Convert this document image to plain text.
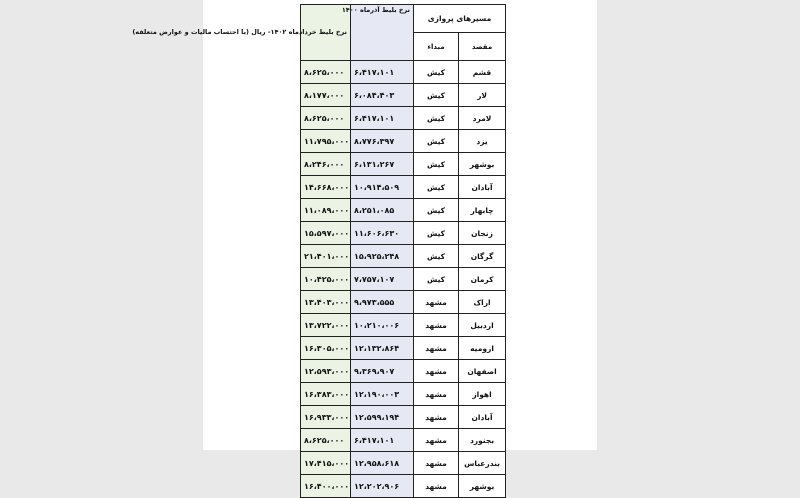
مسیرهای پروازی		نرخ بلیط آذرماه ۱۴۰۰	نرخ بلیط خردادماه ۱۴۰۲- ریال (با احتساب مالیات و عوارض متعلقه)
مقصد	مبداء		
قشم	کیش	۶،۴۱۷،۱۰۱	۸،۶۲۵،۰۰۰
لار	کیش	۶،۰۸۴،۴۰۳	۸،۱۷۷،۰۰۰
لامرد	کیش	۶،۴۱۷،۱۰۱	۸،۶۲۵،۰۰۰
یزد	کیش	۸،۷۷۶،۳۹۷	۱۱،۷۹۵،۰۰۰
بوشهر	کیش	۶،۱۳۱،۲۶۷	۸،۲۴۶،۰۰۰
آبادان	کیش	۱۰،۹۱۴،۵۰۹	۱۴،۶۶۸،۰۰۰
چابهار	کیش	۸،۲۵۱،۰۸۵	۱۱،۰۸۹،۰۰۰
زنجان	کیش	۱۱،۶۰۶،۶۳۰	۱۵،۵۹۷،۰۰۰
گرگان	کیش	۱۵،۹۲۵،۲۴۸	۲۱،۴۰۱،۰۰۰
کرمان	کیش	۷،۷۵۷،۱۰۷	۱۰،۴۲۵،۰۰۰
اراک	مشهد	۹،۹۷۳،۵۵۵	۱۳،۴۰۳،۰۰۰
اردبیل	مشهد	۱۰،۲۱۰،۰۰۶	۱۳،۷۲۲،۰۰۰
ارومیه	مشهد	۱۲،۱۳۲،۸۶۴	۱۶،۳۰۵،۰۰۰
اصفهان	مشهد	۹،۳۶۹،۹۰۷	۱۲،۵۹۳،۰۰۰
اهواز	مشهد	۱۲،۱۹۰،۰۰۳	۱۶،۳۸۳،۰۰۰
آبادان	مشهد	۱۲،۵۹۹،۱۹۴	۱۶،۹۳۳،۰۰۰
بجنورد	مشهد	۶،۴۱۷،۱۰۱	۸،۶۲۵،۰۰۰
بندرعباس	مشهد	۱۲،۹۵۸،۶۱۸	۱۷،۴۱۵،۰۰۰
بوشهر	مشهد	۱۲،۲۰۲،۹۰۶	۱۶،۴۰۰،۰۰۰
